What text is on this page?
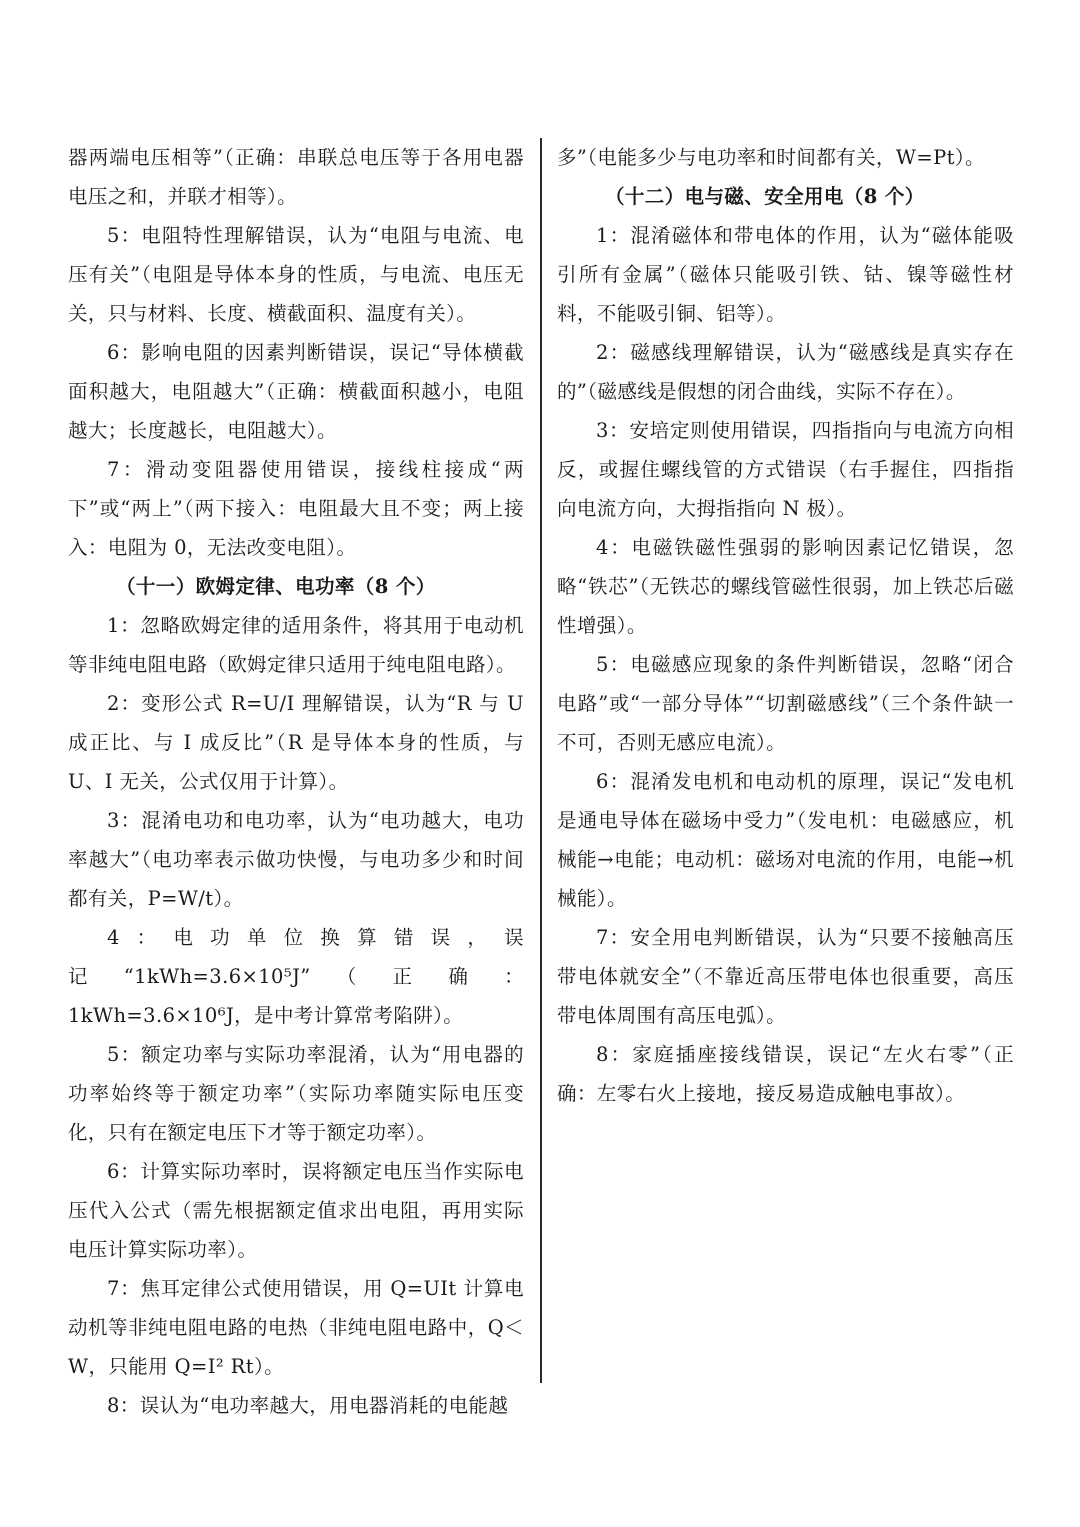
器两端电压相等”（正确：串联总电压等于各用电器电压之和，并联才相等）。

5：电阻特性理解错误，认为“电阻与电流、电压有关”（电阻是导体本身的性质，与电流、电压无关，只与材料、长度、横截面积、温度有关）。

6：影响电阻的因素判断错误，误记“导体横截面积越大，电阻越大”（正确：横截面积越小，电阻越大；长度越长，电阻越大）。

7：滑动变阻器使用错误，接线柱接成“两下”或“两上”（两下接入：电阻最大且不变；两上接入：电阻为 0，无法改变电阻）。

（十一）欧姆定律、电功率（8 个）

1：忽略欧姆定律的适用条件，将其用于电动机等非纯电阻电路（欧姆定律只适用于纯电阻电路）。

2：变形公式 R=U/I 理解错误，认为“R 与 U 成正比、与 I 成反比”（R 是导体本身的性质，与 U、I 无关，公式仅用于计算）。

3：混淆电功和电功率，认为“电功越大，电功率越大”（电功率表示做功快慢，与电功多少和时间都有关，P=W/t）。

4：电功单位换算错误，误记“1kWh=3.6×10⁵J”（正确：1kWh=3.6×10⁶J，是中考计算常考陷阱）。

5：额定功率与实际功率混淆，认为“用电器的功率始终等于额定功率”（实际功率随实际电压变化，只有在额定电压下才等于额定功率）。

6：计算实际功率时，误将额定电压当作实际电压代入公式（需先根据额定值求出电阻，再用实际电压计算实际功率）。

7：焦耳定律公式使用错误，用 Q=UIt 计算电动机等非纯电阻电路的电热（非纯电阻电路中，Q＜W，只能用 Q=I² Rt）。

8：误认为“电功率越大，用电器消耗的电能越

多”（电能多少与电功率和时间都有关，W=Pt）。

（十二）电与磁、安全用电（8 个）

1：混淆磁体和带电体的作用，认为“磁体能吸引所有金属”（磁体只能吸引铁、钴、镍等磁性材料，不能吸引铜、铝等）。

2：磁感线理解错误，认为“磁感线是真实存在的”（磁感线是假想的闭合曲线，实际不存在）。

3：安培定则使用错误，四指指向与电流方向相反，或握住螺线管的方式错误（右手握住，四指指向电流方向，大拇指指向 N 极）。

4：电磁铁磁性强弱的影响因素记忆错误，忽略“铁芯”（无铁芯的螺线管磁性很弱，加上铁芯后磁性增强）。

5：电磁感应现象的条件判断错误，忽略“闭合电路”或“一部分导体”“切割磁感线”（三个条件缺一不可，否则无感应电流）。

6：混淆发电机和电动机的原理，误记“发电机是通电导体在磁场中受力”（发电机：电磁感应，机械能→电能；电动机：磁场对电流的作用，电能→机械能）。

7：安全用电判断错误，认为“只要不接触高压带电体就安全”（不靠近高压带电体也很重要，高压带电体周围有高压电弧）。

8：家庭插座接线错误，误记“左火右零”（正确：左零右火上接地，接反易造成触电事故）。
